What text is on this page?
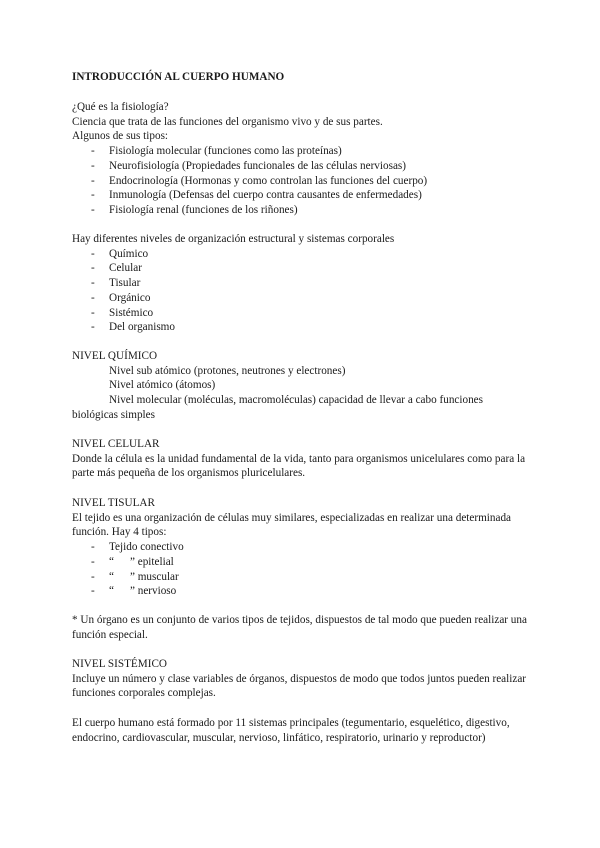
INTRODUCCIÓN AL CUERPO HUMANO
¿Qué es la fisiología?
Ciencia que trata de las funciones del organismo vivo y de sus partes.
Algunos de sus tipos:
- Fisiología molecular (funciones como las proteínas)
- Neurofisiología (Propiedades funcionales de las células nerviosas)
- Endocrinología (Hormonas y como controlan las funciones del cuerpo)
- Inmunología (Defensas del cuerpo contra causantes de enfermedades)
- Fisiología renal (funciones de los riñones)
Hay diferentes niveles de organización estructural y sistemas corporales
- Químico
- Celular
- Tisular
- Orgánico
- Sistémico
- Del organismo
NIVEL QUÍMICO
Nivel sub atómico (protones, neutrones y electrones)
Nivel atómico (átomos)
Nivel molecular (moléculas, macromoléculas) capacidad de llevar a cabo funciones
biológicas simples
NIVEL CELULAR
Donde la célula es la unidad fundamental de la vida, tanto para organismos unicelulares como para la
parte más pequeña de los organismos pluricelulares.
NIVEL TISULAR
El tejido es una organización de células muy similares, especializadas en realizar una determinada
función. Hay 4 tipos:
- Tejido conectivo
- “ ” epitelial
- “ ” muscular
- “ ” nervioso
* Un órgano es un conjunto de varios tipos de tejidos, dispuestos de tal modo que pueden realizar una
función especial.
NIVEL SISTÉMICO
Incluye un número y clase variables de órganos, dispuestos de modo que todos juntos pueden realizar
funciones corporales complejas.
El cuerpo humano está formado por 11 sistemas principales (tegumentario, esquelético, digestivo,
endocrino, cardiovascular, muscular, nervioso, linfático, respiratorio, urinario y reproductor)
